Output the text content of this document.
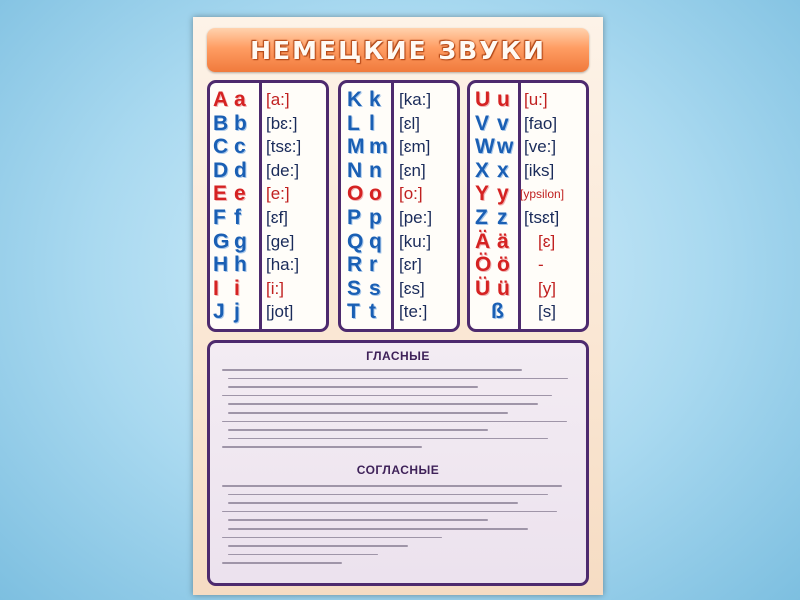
НЕМЕЦКИЕ ЗВУКИ
A a [a:]
B b [bɛ:]
C c [tsɛ:]
D d [de:]
E e [e:]
F f [ɛf]
G g [ge]
H h [ha:]
I i [i:]
J j [jot]
K k [ka:]
L l [ɛl]
M m [ɛm]
N n [ɛn]
O o [o:]
P p [pe:]
Q q [ku:]
R r [ɛr]
S s [ɛs]
T t [te:]
U u [u:]
V v [fao]
W w [ve:]
X x [iks]
Y y [ypsilon]
Z z [tsɛt]
Ä ä [ɛ]
Ö ö -
Ü ü [y]
ß [s]
ГЛАСНЫЕ
СОГЛАСНЫЕ
